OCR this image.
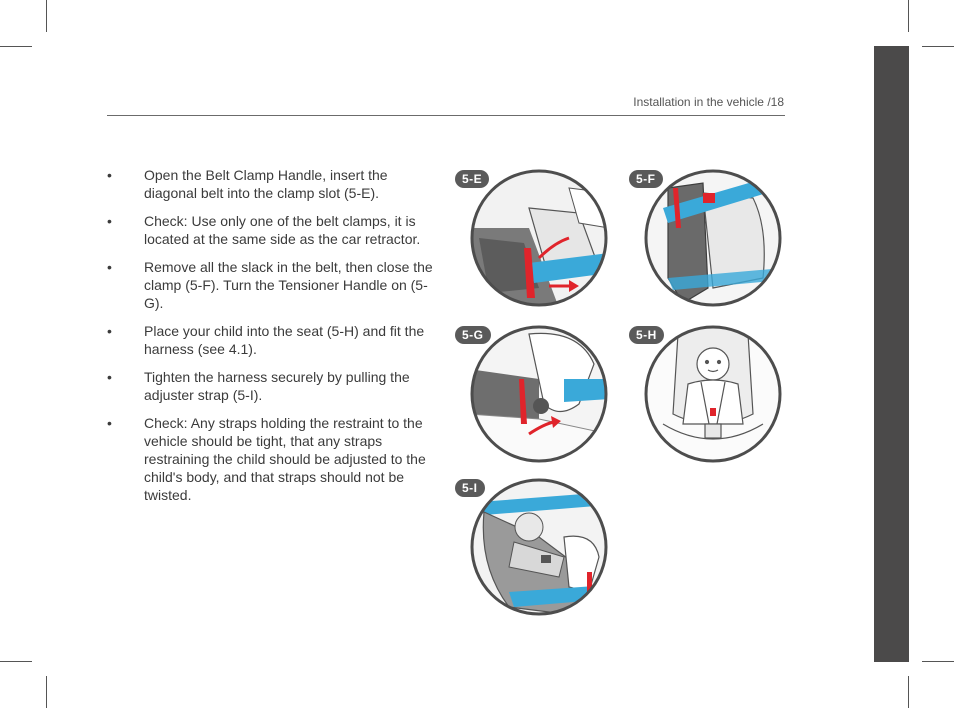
Installation in the vehicle /18
• Open the Belt Clamp Handle, insert the diagonal belt into the clamp slot (5-E).
• Check: Use only one of the belt clamps, it is located at the same side as the car retractor.
• Remove all the slack in the belt, then close the clamp (5-F). Turn the Tensioner Handle on (5-G).
• Place your child into the seat (5-H) and fit the harness (see 4.1).
• Tighten the harness securely by pulling the adjuster strap (5-I).
• Check: Any straps holding the restraint to the vehicle should be tight, that any straps restraining the child should be adjusted to the child's body, and that straps should not be twisted.
5-E	5-F
5-G	5-H
5-I
